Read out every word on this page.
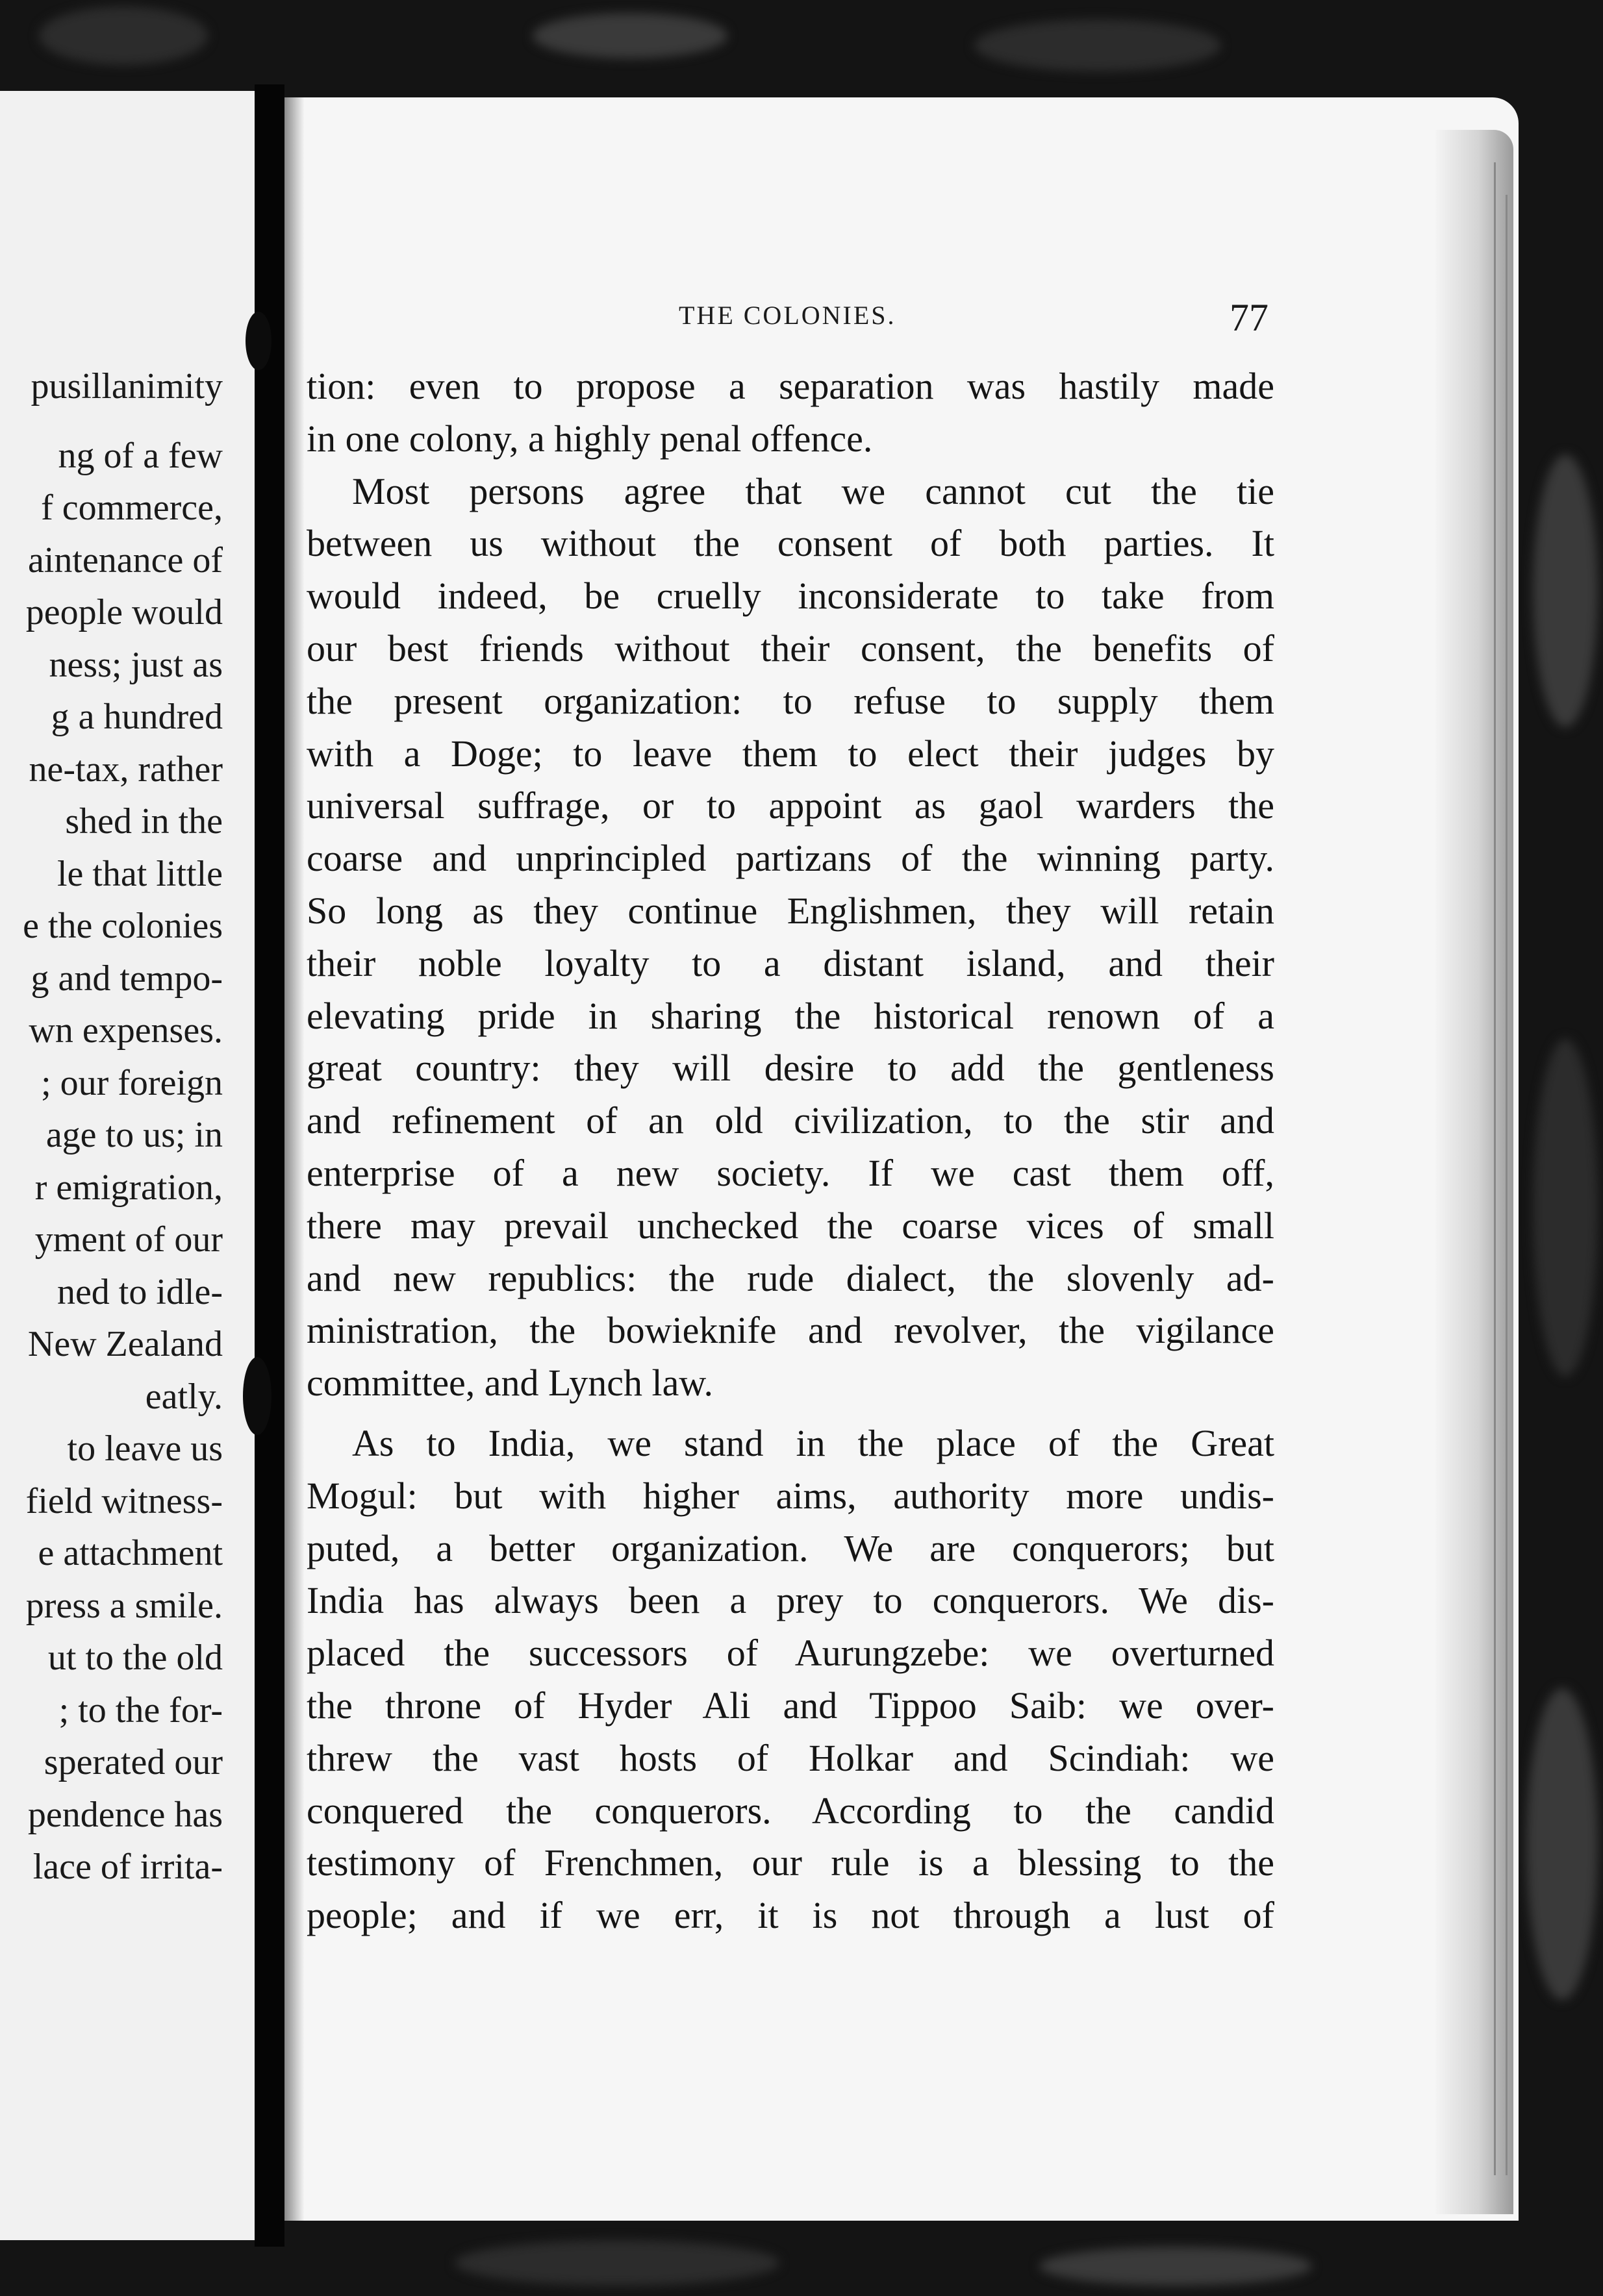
pusillanimity
ng of a few
f commerce,
aintenance of
people would
ness; just as
g a hundred
ne-tax, rather
shed in the
le that little
e the colonies
g and tempo-
wn expenses.
; our foreign
age to us; in
r emigration,
yment of our
ned to idle-
New Zealand
eatly.
to leave us
field witness-
e attachment
press a smile.
ut to the old
; to the for-
sperated our
pendence has
lace of irrita-
THE COLONIES.	77
tion: even to propose a separation was hastily made
in one colony, a highly penal offence.
Most persons agree that we cannot cut the tie
between us without the consent of both parties. It
would indeed, be cruelly inconsiderate to take from
our best friends without their consent, the benefits of
the present organization: to refuse to supply them
with a Doge; to leave them to elect their judges by
universal suffrage, or to appoint as gaol warders the
coarse and unprincipled partizans of the winning party.
So long as they continue Englishmen, they will retain
their noble loyalty to a distant island, and their
elevating pride in sharing the historical renown of a
great country: they will desire to add the gentleness
and refinement of an old civilization, to the stir and
enterprise of a new society. If we cast them off,
there may prevail unchecked the coarse vices of small
and new republics: the rude dialect, the slovenly ad-
ministration, the bowieknife and revolver, the vigilance
committee, and Lynch law.
As to India, we stand in the place of the Great
Mogul: but with higher aims, authority more undis-
puted, a better organization. We are conquerors; but
India has always been a prey to conquerors. We dis-
placed the successors of Aurungzebe: we overturned
the throne of Hyder Ali and Tippoo Saib: we over-
threw the vast hosts of Holkar and Scindiah: we
conquered the conquerors. According to the candid
testimony of Frenchmen, our rule is a blessing to the
people; and if we err, it is not through a lust of
